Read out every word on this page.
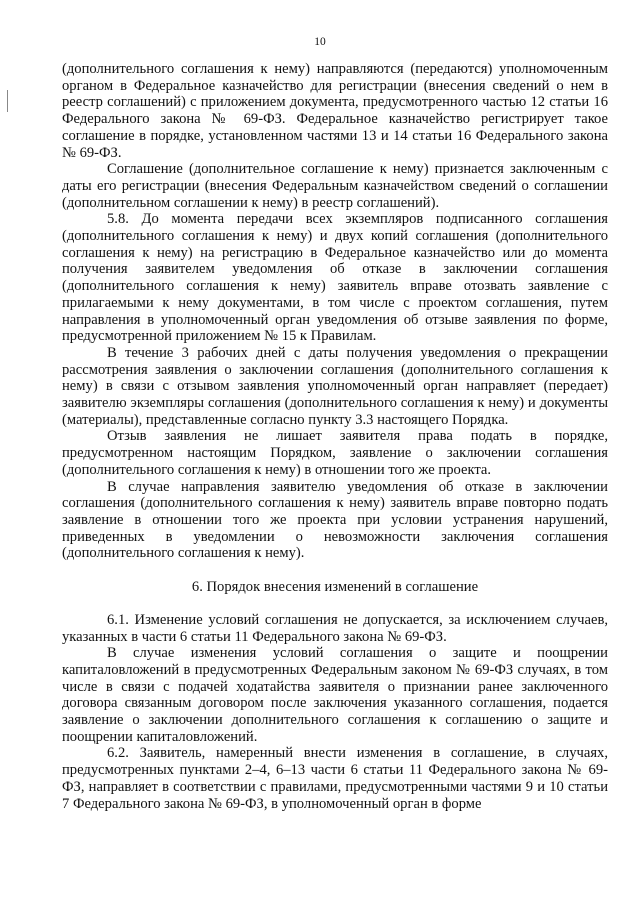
10

(дополнительного соглашения к нему) направляются (передаются) уполномоченным органом в Федеральное казначейство для регистрации (внесения сведений о нем в реестр соглашений) с приложением документа, предусмотренного частью 12 статьи 16 Федерального закона № 69-ФЗ. Федеральное казначейство регистрирует такое соглашение в порядке, установленном частями 13 и 14 статьи 16 Федерального закона № 69-ФЗ.

Соглашение (дополнительное соглашение к нему) признается заключенным с даты его регистрации (внесения Федеральным казначейством сведений о соглашении (дополнительном соглашении к нему) в реестр соглашений).

5.8. До момента передачи всех экземпляров подписанного соглашения (дополнительного соглашения к нему) и двух копий соглашения (дополнительного соглашения к нему) на регистрацию в Федеральное казначейство или до момента получения заявителем уведомления об отказе в заключении соглашения (дополнительного соглашения к нему) заявитель вправе отозвать заявление с прилагаемыми к нему документами, в том числе с проектом соглашения, путем направления в уполномоченный орган уведомления об отзыве заявления по форме, предусмотренной приложением № 15 к Правилам.

В течение 3 рабочих дней с даты получения уведомления о прекращении рассмотрения заявления о заключении соглашения (дополнительного соглашения к нему) в связи с отзывом заявления уполномоченный орган направляет (передает) заявителю экземпляры соглашения (дополнительного соглашения к нему) и документы (материалы), представленные согласно пункту 3.3 настоящего Порядка.

Отзыв заявления не лишает заявителя права подать в порядке, предусмотренном настоящим Порядком, заявление о заключении соглашения (дополнительного соглашения к нему) в отношении того же проекта.

В случае направления заявителю уведомления об отказе в заключении соглашения (дополнительного соглашения к нему) заявитель вправе повторно подать заявление в отношении того же проекта при условии устранения нарушений, приведенных в уведомлении о невозможности заключения соглашения (дополнительного соглашения к нему).

6. Порядок внесения изменений в соглашение

6.1. Изменение условий соглашения не допускается, за исключением случаев, указанных в части 6 статьи 11 Федерального закона № 69-ФЗ.

В случае изменения условий соглашения о защите и поощрении капиталовложений в предусмотренных Федеральным законом № 69-ФЗ случаях, в том числе в связи с подачей ходатайства заявителя о признании ранее заключенного договора связанным договором после заключения указанного соглашения, подается заявление о заключении дополнительного соглашения к соглашению о защите и поощрении капиталовложений.

6.2. Заявитель, намеренный внести изменения в соглашение, в случаях, предусмотренных пунктами 2–4, 6–13 части 6 статьи 11 Федерального закона № 69-ФЗ, направляет в соответствии с правилами, предусмотренными частями 9 и 10 статьи 7 Федерального закона № 69-ФЗ, в уполномоченный орган в форме
